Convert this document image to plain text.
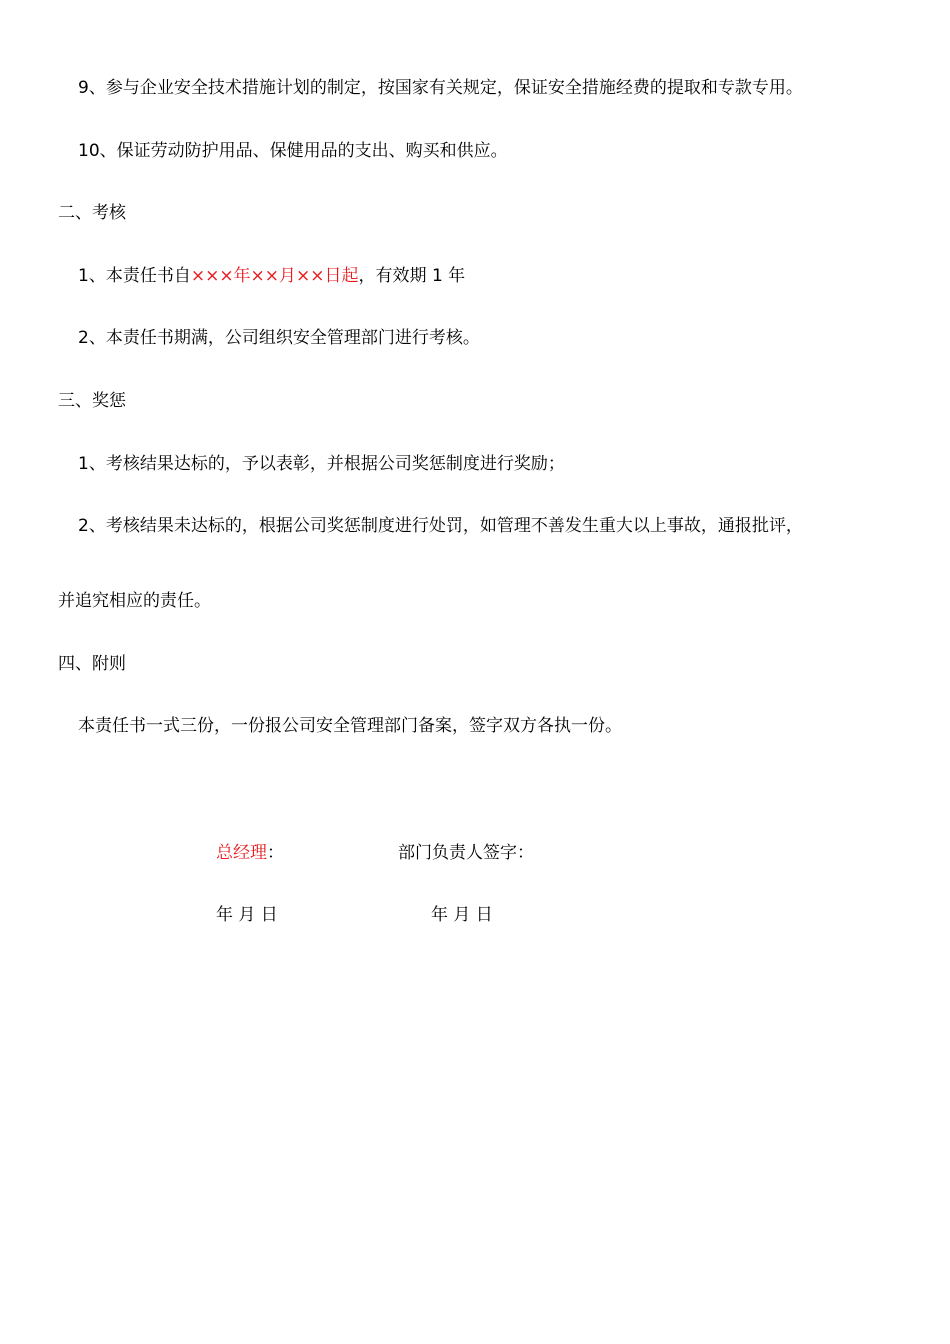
9、参与企业安全技术措施计划的制定，按国家有关规定，保证安全措施经费的提取和专款专用。
10、保证劳动防护用品、保健用品的支出、购买和供应。
二、考核
1、本责任书自×××年××月××日起，有效期 1 年
2、本责任书期满，公司组织安全管理部门进行考核。
三、奖惩
1、考核结果达标的，予以表彰，并根据公司奖惩制度进行奖励；
2、考核结果未达标的，根据公司奖惩制度进行处罚，如管理不善发生重大以上事故，通报批评，
并追究相应的责任。
四、附则
本责任书一式三份，一份报公司安全管理部门备案，签字双方各执一份。
总经理：	部门负责人签字：
年 月 日	年 月 日
